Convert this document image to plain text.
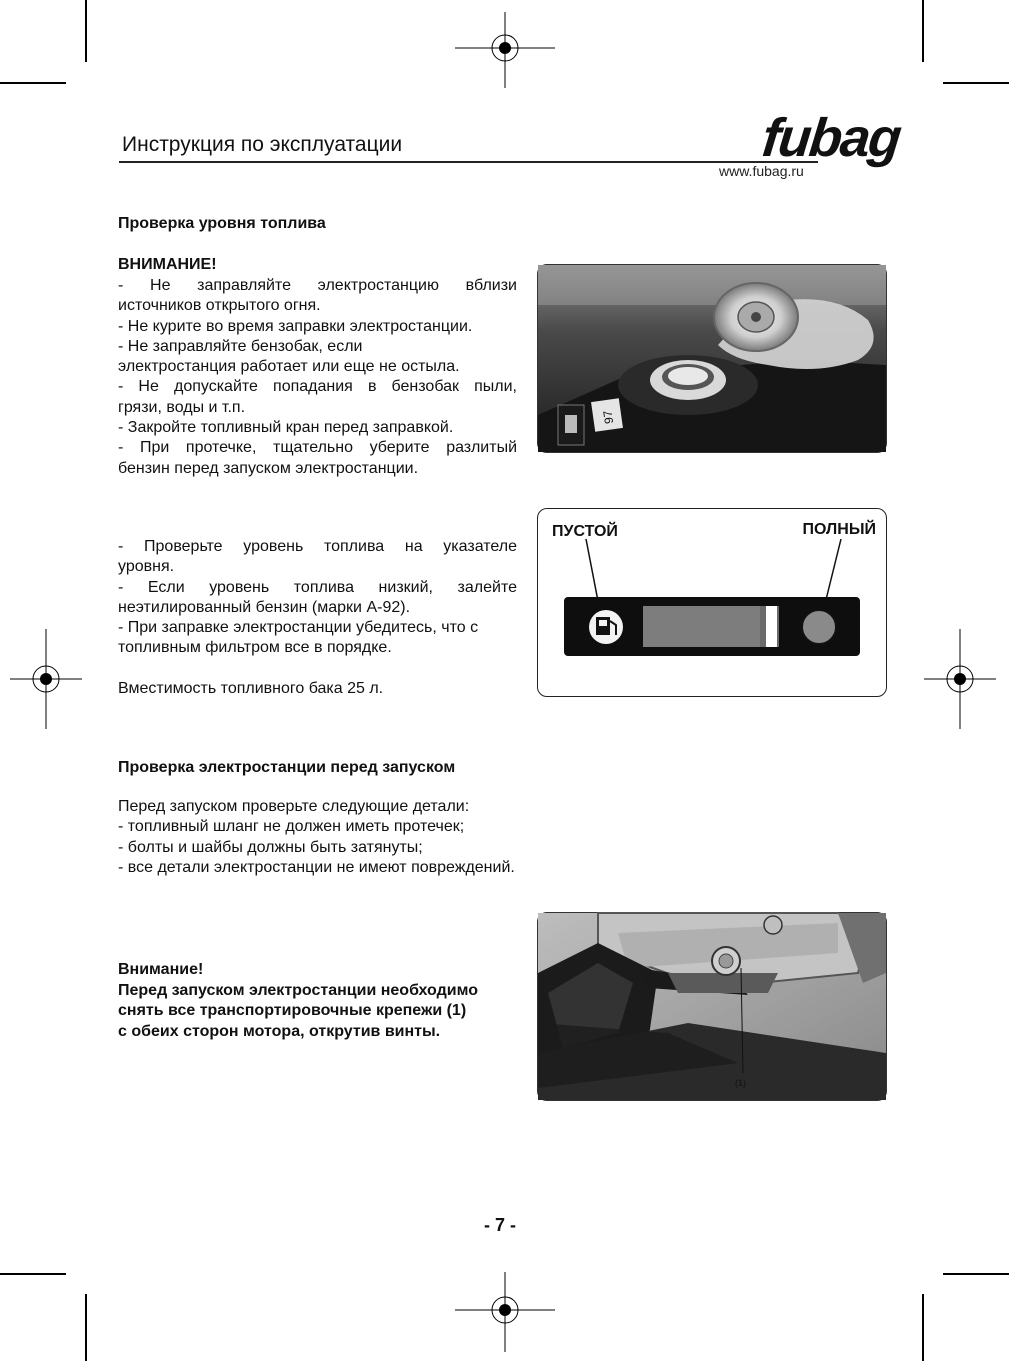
Инструкция по эксплуатации	fubag
www.fubag.ru
Проверка уровня топлива
ВНИМАНИЕ!

- Не заправляйте электростанцию вблизи

источников открытого огня.

- Не курите во время заправки электростанции.

- Не заправляйте бензобак, если

электростанция работает или еще не остыла.

- Не допускайте попадания в бензобак пыли,

грязи, воды и т.п.

- Закройте топливный кран перед заправкой.

- При протечке, тщательно уберите разлитый

бензин перед запуском электростанции.

97
ПУСТОЙ	ПОЛНЫЙ

- Проверьте уровень топлива на указателе

уровня.

- Если уровень топлива низкий, залейте

неэтилированный бензин (марки А-92).

- При заправке электростанции убедитесь, что с

топливным фильтром все в порядке.

Вместимость топливного бака 25 л.

Проверка электростанции перед запуском

Перед запуском проверьте следующие детали:

- топливный шланг не должен иметь протечек;

- болты и шайбы должны быть затянуты;

- все детали электростанции не имеют повреждений.

Внимание!
Перед запуском электростанции необходимо
снять все транспортировочные крепежи (1)
с обеих сторон мотора, открутив винты.
(1)
- 7 -
